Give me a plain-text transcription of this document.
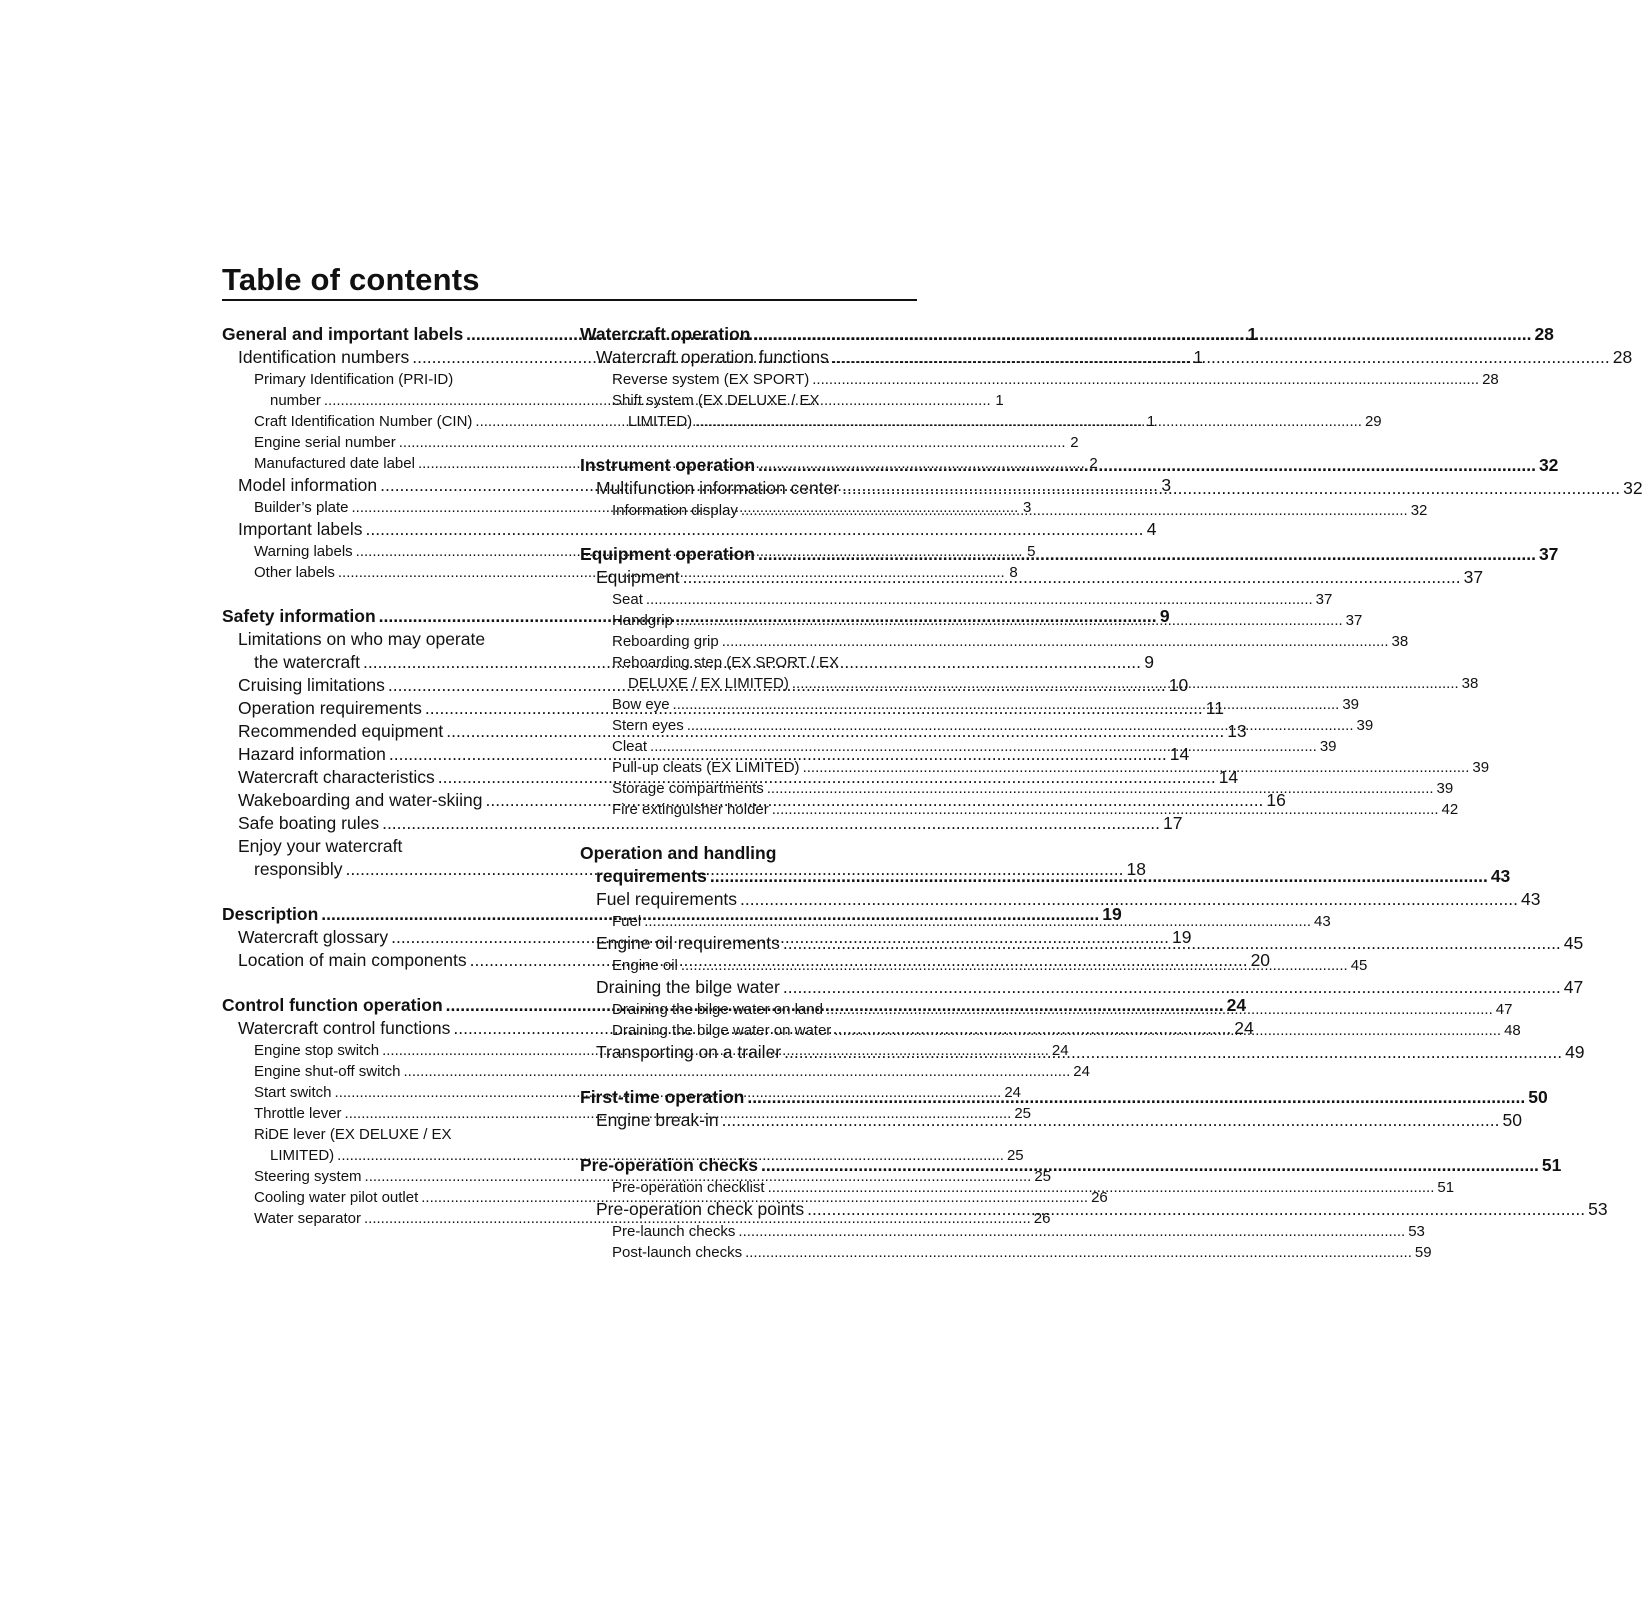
Table of contents
General and important labels .....	1
Identification numbers .....	1
Primary Identification (PRI-ID)
number .....	1
Craft Identification Number (CIN) .....	1
Engine serial number .....	2
Manufactured date label .....	2
Model information .....	3
Builder’s plate .....	3
Important labels .....	4
Warning labels .....	5
Other labels .....	8
Safety information .....	9
Limitations on who may operate
the watercraft .....	9
Cruising limitations .....	10
Operation requirements .....	11
Recommended equipment .....	13
Hazard information .....	14
Watercraft characteristics .....	14
Wakeboarding and water-skiing .....	16
Safe boating rules .....	17
Enjoy your watercraft
responsibly .....	18
Description .....	19
Watercraft glossary .....	19
Location of main components .....	20
Control function operation .....	24
Watercraft control functions .....	24
Engine stop switch .....	24
Engine shut-off switch .....	24
Start switch .....	24
Throttle lever .....	25
RiDE lever (EX DELUXE / EX
LIMITED) .....	25
Steering system .....	25
Cooling water pilot outlet .....	26
Water separator .....	26
Watercraft operation .....	28
Watercraft operation functions .....	28
Reverse system (EX SPORT) .....	28
Shift system (EX DELUXE / EX
LIMITED) .....	29
Instrument operation .....	32
Multifunction information center .....	32
Information display .....	32
Equipment operation .....	37
Equipment .....	37
Seat .....	37
Handgrip .....	37
Reboarding grip .....	38
Reboarding step (EX SPORT / EX
DELUXE / EX LIMITED) .....	38
Bow eye .....	39
Stern eyes .....	39
Cleat .....	39
Pull-up cleats (EX LIMITED) .....	39
Storage compartments .....	39
Fire extinguisher holder .....	42
Operation and handling
requirements .....	43
Fuel requirements .....	43
Fuel .....	43
Engine oil requirements .....	45
Engine oil .....	45
Draining the bilge water .....	47
Draining the bilge water on land .....	47
Draining the bilge water on water .....	48
Transporting on a trailer .....	49
First-time operation .....	50
Engine break-in .....	50
Pre-operation checks .....	51
Pre-operation checklist .....	51
Pre-operation check points .....	53
Pre-launch checks .....	53
Post-launch checks .....	59
